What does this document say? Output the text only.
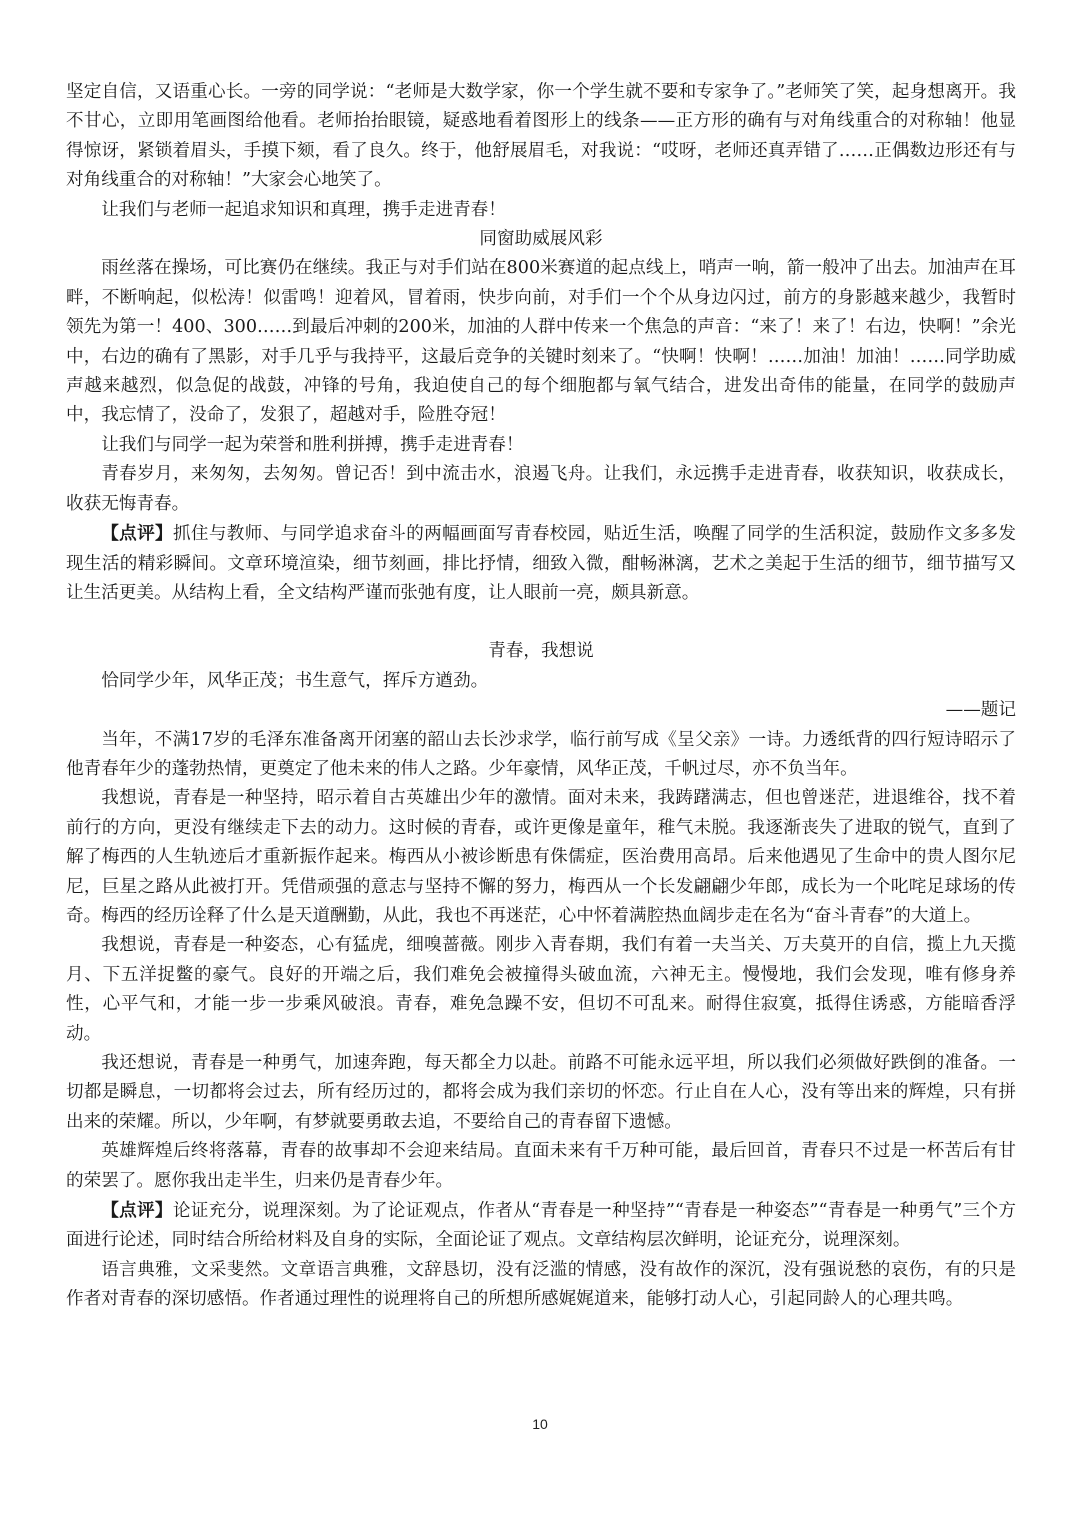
坚定自信，又语重心长。一旁的同学说：“老师是大数学家，你一个学生就不要和专家争了。”老师笑了笑，起身想离开。我不甘心，立即用笔画图给他看。老师抬抬眼镜，疑惑地看着图形上的线条——正方形的确有与对角线重合的对称轴！他显得惊讶，紧锁着眉头，手摸下颏，看了良久。终于，他舒展眉毛，对我说：“哎呀，老师还真弄错了……正偶数边形还有与对角线重合的对称轴！”大家会心地笑了。

让我们与老师一起追求知识和真理，携手走进青春！

同窗助威展风彩

雨丝落在操场，可比赛仍在继续。我正与对手们站在800米赛道的起点线上，哨声一响，箭一般冲了出去。加油声在耳畔，不断响起，似松涛！似雷鸣！迎着风，冒着雨，快步向前，对手们一个个从身边闪过，前方的身影越来越少，我暂时领先为第一！400、300……到最后冲刺的200米，加油的人群中传来一个焦急的声音：“来了！来了！右边，快啊！”余光中，右边的确有了黑影，对手几乎与我持平，这最后竞争的关键时刻来了。“快啊！快啊！……加油！加油！……同学助威声越来越烈，似急促的战鼓，冲锋的号角，我迫使自己的每个细胞都与氧气结合，进发出奇伟的能量，在同学的鼓励声中，我忘情了，没命了，发狠了，超越对手，险胜夺冠！

让我们与同学一起为荣誉和胜利拼搏，携手走进青春！

青春岁月，来匆匆，去匆匆。曾记否！到中流击水，浪遏飞舟。让我们，永远携手走进青春，收获知识，收获成长，收获无悔青春。

【点评】抓住与教师、与同学追求奋斗的两幅画面写青春校园，贴近生活，唤醒了同学的生活积淀，鼓励作文多多发现生活的精彩瞬间。文章环境渲染，细节刻画，排比抒情，细致入微，酣畅淋漓，艺术之美起于生活的细节，细节描写又让生活更美。从结构上看，全文结构严谨而张弛有度，让人眼前一亮，颇具新意。

青春，我想说

恰同学少年，风华正茂；书生意气，挥斥方遒劲。

——题记

当年，不满17岁的毛泽东准备离开闭塞的韶山去长沙求学，临行前写成《呈父亲》一诗。力透纸背的四行短诗昭示了他青春年少的蓬勃热情，更奠定了他未来的伟人之路。少年豪情，风华正茂，千帆过尽，亦不负当年。

我想说，青春是一种坚持，昭示着自古英雄出少年的激情。面对未来，我踌躇满志，但也曾迷茫，进退维谷，找不着前行的方向，更没有继续走下去的动力。这时候的青春，或许更像是童年，稚气未脱。我逐渐丧失了进取的锐气，直到了解了梅西的人生轨迹后才重新振作起来。梅西从小被诊断患有侏儒症，医治费用高昂。后来他遇见了生命中的贵人图尔尼尼，巨星之路从此被打开。凭借顽强的意志与坚持不懈的努力，梅西从一个长发翩翩少年郎，成长为一个叱咤足球场的传奇。梅西的经历诠释了什么是天道酬勤，从此，我也不再迷茫，心中怀着满腔热血阔步走在名为“奋斗青春”的大道上。

我想说，青春是一种姿态，心有猛虎，细嗅蔷薇。刚步入青春期，我们有着一夫当关、万夫莫开的自信，揽上九天揽月、下五洋捉鳖的豪气。良好的开端之后，我们难免会被撞得头破血流，六神无主。慢慢地，我们会发现，唯有修身养性，心平气和，才能一步一步乘风破浪。青春，难免急躁不安，但切不可乱来。耐得住寂寞，抵得住诱惑，方能暗香浮动。

我还想说，青春是一种勇气，加速奔跑，每天都全力以赴。前路不可能永远平坦，所以我们必须做好跌倒的准备。一切都是瞬息，一切都将会过去，所有经历过的，都将会成为我们亲切的怀恋。行止自在人心，没有等出来的辉煌，只有拼出来的荣耀。所以，少年啊，有梦就要勇敢去追，不要给自己的青春留下遗憾。

英雄辉煌后终将落幕，青春的故事却不会迎来结局。直面未来有千万种可能，最后回首，青春只不过是一杯苦后有甘的荣罢了。愿你我出走半生，归来仍是青春少年。

【点评】论证充分，说理深刻。为了论证观点，作者从“青春是一种坚持”“青春是一种姿态”“青春是一种勇气”三个方面进行论述，同时结合所给材料及自身的实际，全面论证了观点。文章结构层次鲜明，论证充分，说理深刻。

语言典雅，文采斐然。文章语言典雅，文辞恳切，没有泛滥的情感，没有故作的深沉，没有强说愁的哀伤，有的只是作者对青春的深切感悟。作者通过理性的说理将自己的所想所感娓娓道来，能够打动人心，引起同龄人的心理共鸣。

10
